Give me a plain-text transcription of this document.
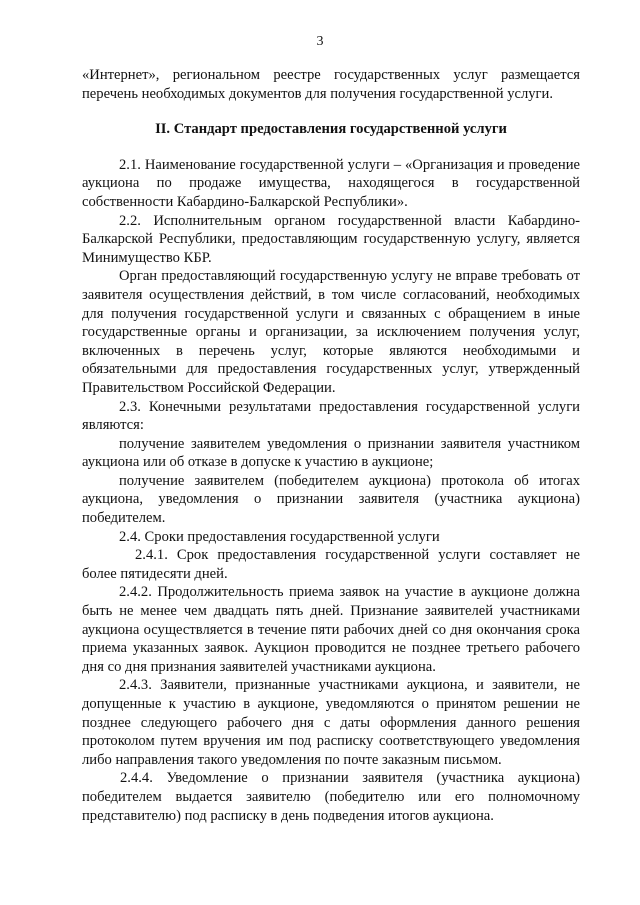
3

«Интернет», региональном реестре государственных услуг размещается перечень необходимых документов для получения государственной услуги.

II. Стандарт предоставления государственной услуги

2.1. Наименование государственной услуги – «Организация и проведение аукциона по продаже имущества, находящегося в государственной собственности Кабардино-Балкарской Республики».

2.2. Исполнительным органом государственной власти Кабардино-Балкарской Республики, предоставляющим государственную услугу, является Минимущество КБР.

Орган предоставляющий государственную услугу не вправе требовать от заявителя осуществления действий, в том числе согласований, необходимых для получения государственной услуги и связанных с обращением в иные государственные органы и организации, за исключением получения услуг, включенных в перечень услуг, которые являются необходимыми и обязательными для предоставления государственных услуг, утвержденный Правительством Российской Федерации.

2.3. Конечными результатами предоставления государственной услуги являются:

получение заявителем уведомления о признании заявителя участником аукциона или об отказе в допуске к участию в аукционе;

получение заявителем (победителем аукциона) протокола об итогах аукциона, уведомления о признании заявителя (участника аукциона) победителем.

2.4. Сроки предоставления государственной услуги

2.4.1. Срок предоставления государственной услуги составляет не более пятидесяти дней.

2.4.2. Продолжительность приема заявок на участие в аукционе должна быть не менее чем двадцать пять дней. Признание заявителей участниками аукциона осуществляется в течение пяти рабочих дней со дня окончания срока приема указанных заявок. Аукцион проводится не позднее третьего рабочего дня со дня признания заявителей участниками аукциона.

2.4.3. Заявители, признанные участниками аукциона, и заявители, не допущенные к участию в аукционе, уведомляются о принятом решении не позднее следующего рабочего дня с даты оформления данного решения протоколом путем вручения им под расписку соответствующего уведомления либо направления такого уведомления по почте заказным письмом.

2.4.4. Уведомление о признании заявителя (участника аукциона) победителем выдается заявителю (победителю или его полномочному представителю) под расписку в день подведения итогов аукциона.
